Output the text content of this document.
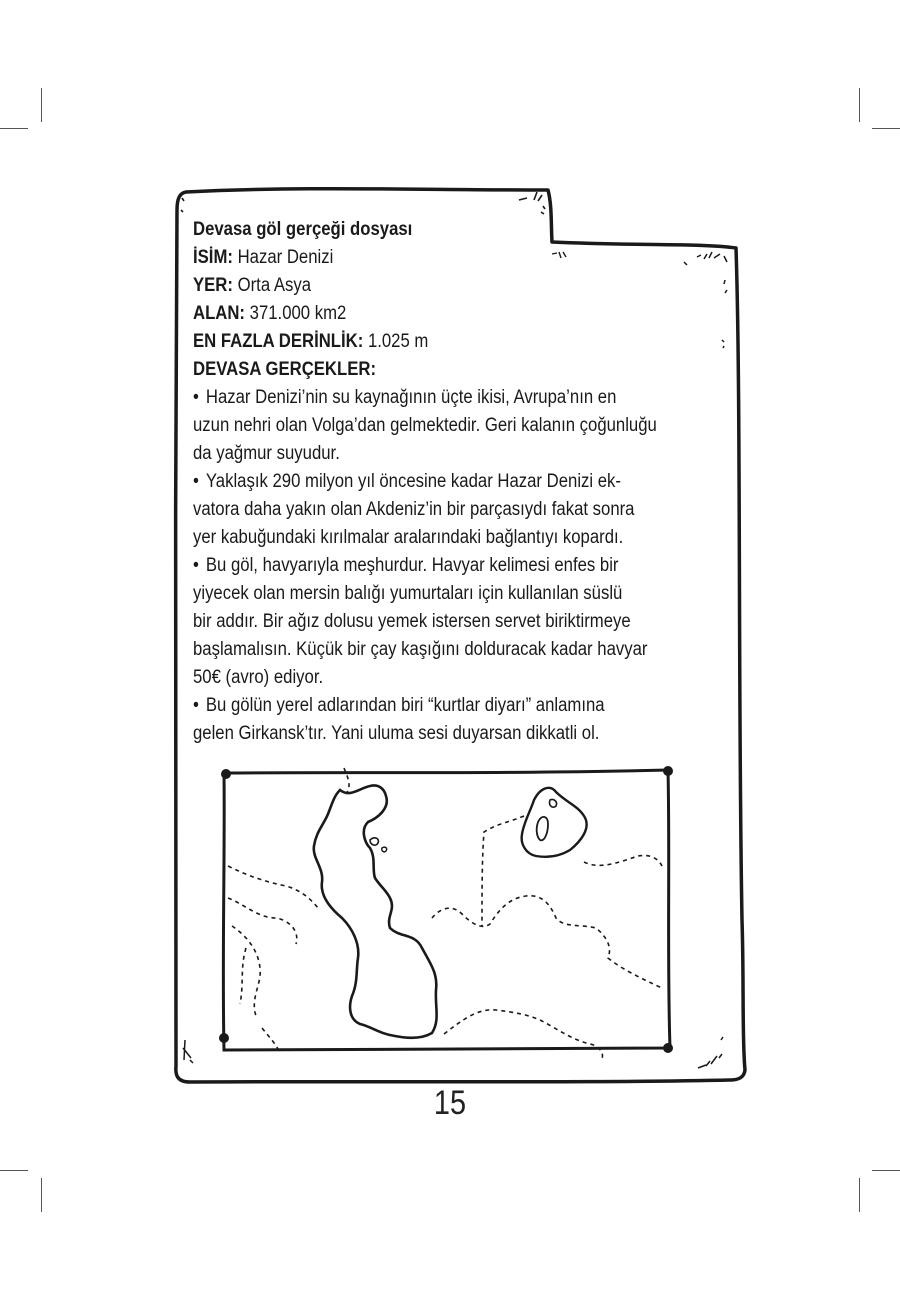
Devasa göl gerçeği dosyası
İSİM: Hazar Denizi
YER: Orta Asya
ALAN: 371.000 km2
EN FAZLA DERİNLİK: 1.025 m
DEVASA GERÇEKLER:
• Hazar Denizi’nin su kaynağının üçte ikisi, Avrupa’nın en
uzun nehri olan Volga’dan gelmektedir. Geri kalanın çoğunluğu
da yağmur suyudur.
• Yaklaşık 290 milyon yıl öncesine kadar Hazar Denizi ek-
vatora daha yakın olan Akdeniz’in bir parçasıydı fakat sonra
yer kabuğundaki kırılmalar aralarındaki bağlantıyı kopardı.
• Bu göl, havyarıyla meşhurdur. Havyar kelimesi enfes bir
yiyecek olan mersin balığı yumurtaları için kullanılan süslü
bir addır. Bir ağız dolusu yemek istersen servet biriktirmeye
başlamalısın. Küçük bir çay kaşığını dolduracak kadar havyar
50€ (avro) ediyor.
• Bu gölün yerel adlarından biri “kurtlar diyarı” anlamına
gelen Girkansk’tır. Yani uluma sesi duyarsan dikkatli ol.
15
